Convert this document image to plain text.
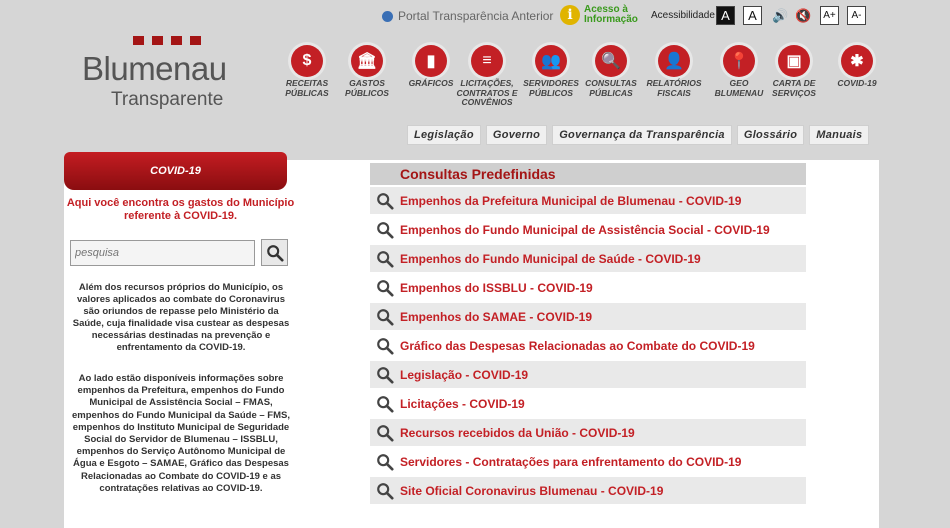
Portal Transparência Anterior i	Acesso à
Informação Acessibilidade A	A	🔊 🔇	A+	A-
Blumenau
Transparente
$
RECEITAS PÚBLICAS
🏛
GASTOS PÚBLICOS
▮
GRÁFICOS
≡
LICITAÇÕES, CONTRATOS E CONVÊNIOS
👥
SERVIDORES PÚBLICOS
🔍
CONSULTAS PÚBLICAS
👤
RELATÓRIOS FISCAIS
📍
GEO BLUMENAU
▣
CARTA DE SERVIÇOS
✱
COVID-19
Legislação	Governo	Governança da Transparência	Glossário	Manuais
COVID-19
Aqui você encontra os gastos do Município referente à COVID-19.
pesquisa
Além dos recursos próprios do Município, os valores aplicados ao combate do Coronavirus são oriundos de repasse pelo Ministério da Saúde, cuja finalidade visa custear as despesas necessárias destinadas na prevenção e enfrentamento da COVID-19.
Ao lado estão disponíveis informações sobre empenhos da Prefeitura, empenhos do Fundo Municipal de Assistência Social – FMAS, empenhos do Fundo Municipal da Saúde – FMS, empenhos do Instituto Municipal de Seguridade Social do Servidor de Blumenau – ISSBLU, empenhos do Serviço Autônomo Municipal de Água e Esgoto – SAMAE, Gráfico das Despesas Relacionadas ao Combate do COVID-19 e as contratações relativas ao COVID-19.
Consultas Predefinidas
Empenhos da Prefeitura Municipal de Blumenau - COVID-19
Empenhos do Fundo Municipal de Assistência Social - COVID-19
Empenhos do Fundo Municipal de Saúde - COVID-19
Empenhos do ISSBLU - COVID-19
Empenhos do SAMAE - COVID-19
Gráfico das Despesas Relacionadas ao Combate do COVID-19
Legislação - COVID-19
Licitações - COVID-19
Recursos recebidos da União - COVID-19
Servidores - Contratações para enfrentamento do COVID-19
Site Oficial Coronavirus Blumenau - COVID-19
